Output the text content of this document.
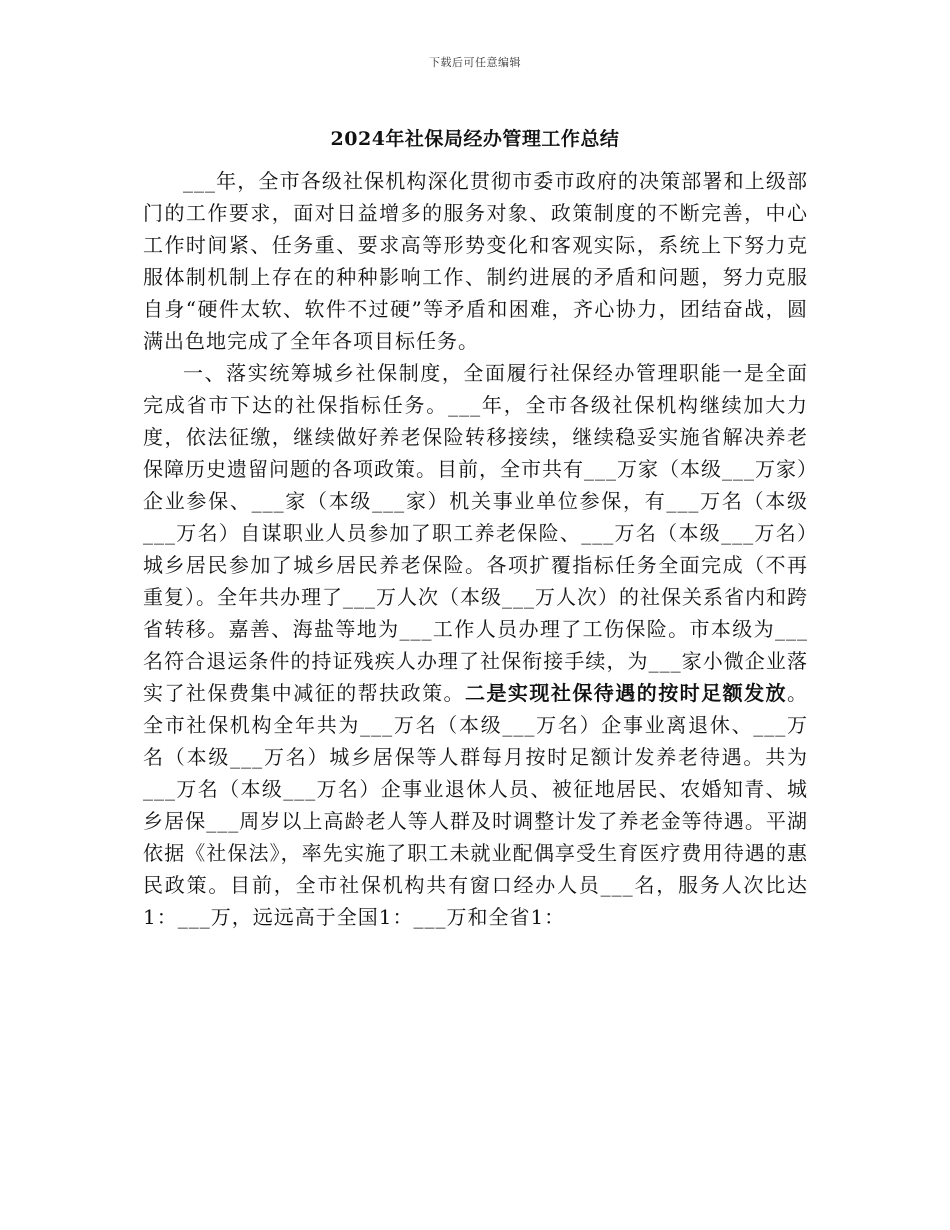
下载后可任意编辑
2024年社保局经办管理工作总结

___年，全市各级社保机构深化贯彻市委市政府的决策部署和上级部门的工作要求，面对日益增多的服务对象、政策制度的不断完善，中心工作时间紧、任务重、要求高等形势变化和客观实际，系统上下努力克服体制机制上存在的种种影响工作、制约进展的矛盾和问题，努力克服自身“硬件太软、软件不过硬”等矛盾和困难，齐心协力，团结奋战，圆满出色地完成了全年各项目标任务。

一、落实统筹城乡社保制度，全面履行社保经办管理职能一是全面完成省市下达的社保指标任务。___年，全市各级社保机构继续加大力度，依法征缴，继续做好养老保险转移接续，继续稳妥实施省解决养老保障历史遗留问题的各项政策。目前，全市共有___万家（本级___万家）企业参保、___家（本级___家）机关事业单位参保，有___万名（本级___万名）自谋职业人员参加了职工养老保险、___万名（本级___万名）城乡居民参加了城乡居民养老保险。各项扩覆指标任务全面完成（不再重复）。全年共办理了___万人次（本级___万人次）的社保关系省内和跨省转移。嘉善、海盐等地为___工作人员办理了工伤保险。市本级为___名符合退运条件的持证残疾人办理了社保衔接手续，为___家小微企业落实了社保费集中减征的帮扶政策。二是实现社保待遇的按时足额发放。全市社保机构全年共为___万名（本级___万名）企事业离退休、___万名（本级___万名）城乡居保等人群每月按时足额计发养老待遇。共为___万名（本级___万名）企事业退休人员、被征地居民、农婚知青、城乡居保___周岁以上高龄老人等人群及时调整计发了养老金等待遇。平湖依据《社保法》，率先实施了职工未就业配偶享受生育医疗费用待遇的惠民政策。目前，全市社保机构共有窗口经办人员___名，服务人次比达1：___万，远远高于全国1：___万和全省1：
